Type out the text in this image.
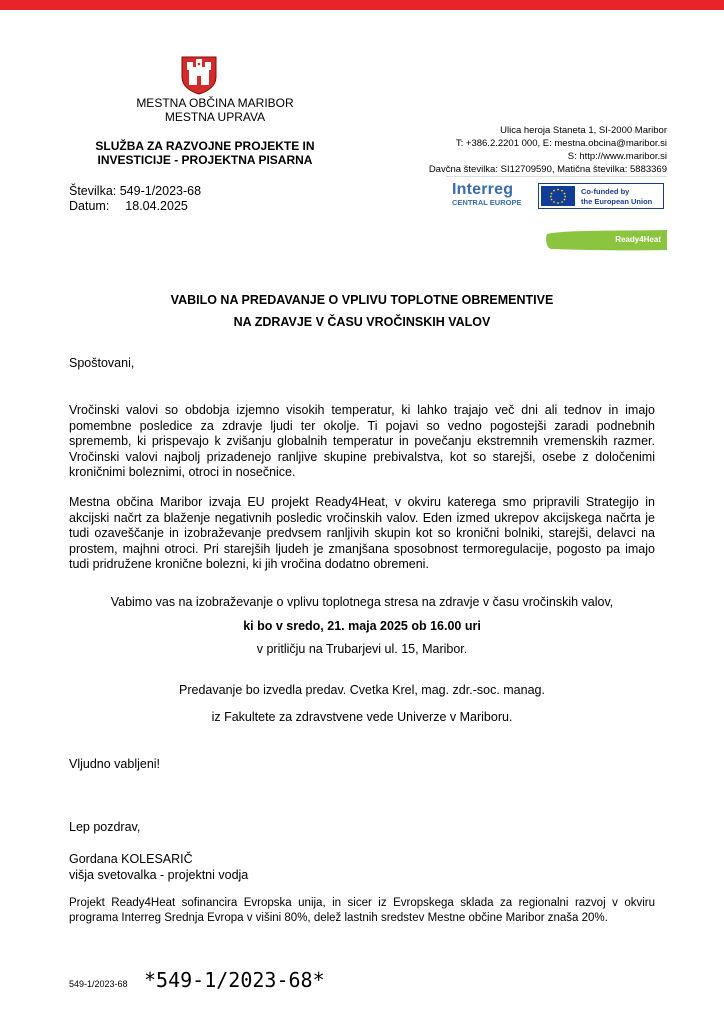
MESTNA OBČINA MARIBOR
MESTNA UPRAVA
SLUŽBA ZA RAZVOJNE PROJEKTE IN
INVESTICIJE - PROJEKTNA PISARNA
Številka: 549-1/2023-68
Datum: 18.04.2025
Ulica heroja Staneta 1, SI-2000 Maribor
T: +386.2.2201 000, E: mestna.obcina@maribor.si
S: http://www.maribor.si
Davčna številka: SI12709590, Matična številka: 5883369
Interreg
CENTRAL EUROPE
Co-funded by
the European Union
Ready4Heat
VABILO NA PREDAVANJE O VPLIVU TOPLOTNE OBREMENTIVE
NA ZDRAVJE V ČASU VROČINSKIH VALOV
Spoštovani,
Vročinski valovi so obdobja izjemno visokih temperatur, ki lahko trajajo več dni ali tednov in imajo pomembne posledice za zdravje ljudi ter okolje. Ti pojavi so vedno pogostejši zaradi podnebnih sprememb, ki prispevajo k zvišanju globalnih temperatur in povečanju ekstremnih vremenskih razmer. Vročinski valovi najbolj prizadenejo ranljive skupine prebivalstva, kot so starejši, osebe z določenimi kroničnimi boleznimi, otroci in nosečnice.
Mestna občina Maribor izvaja EU projekt Ready4Heat, v okviru katerega smo pripravili Strategijo in akcijski načrt za blaženje negativnih posledic vročinskih valov. Eden izmed ukrepov akcijskega načrta je tudi ozaveščanje in izobraževanje predvsem ranljivih skupin kot so kronični bolniki, starejši, delavci na prostem, majhni otroci. Pri starejših ljudeh je zmanjšana sposobnost termoregulacije, pogosto pa imajo tudi pridružene kronične bolezni, ki jih vročina dodatno obremeni.
Vabimo vas na izobraževanje o vplivu toplotnega stresa na zdravje v času vročinskih valov,
ki bo v sredo, 21. maja 2025 ob 16.00 uri
v pritličju na Trubarjevi ul. 15, Maribor.
Predavanje bo izvedla predav. Cvetka Krel, mag. zdr.-soc. manag.
iz Fakultete za zdravstvene vede Univerze v Mariboru.
Vljudno vabljeni!
Lep pozdrav,
Gordana KOLESARIČ
višja svetovalka - projektni vodja
Projekt Ready4Heat sofinancira Evropska unija, in sicer iz Evropskega sklada za regionalni razvoj v okviru programa Interreg Srednja Evropa v višini 80%, delež lastnih sredstev Mestne občine Maribor znaša 20%.
549-1/2023-68 *549-1/2023-68*
